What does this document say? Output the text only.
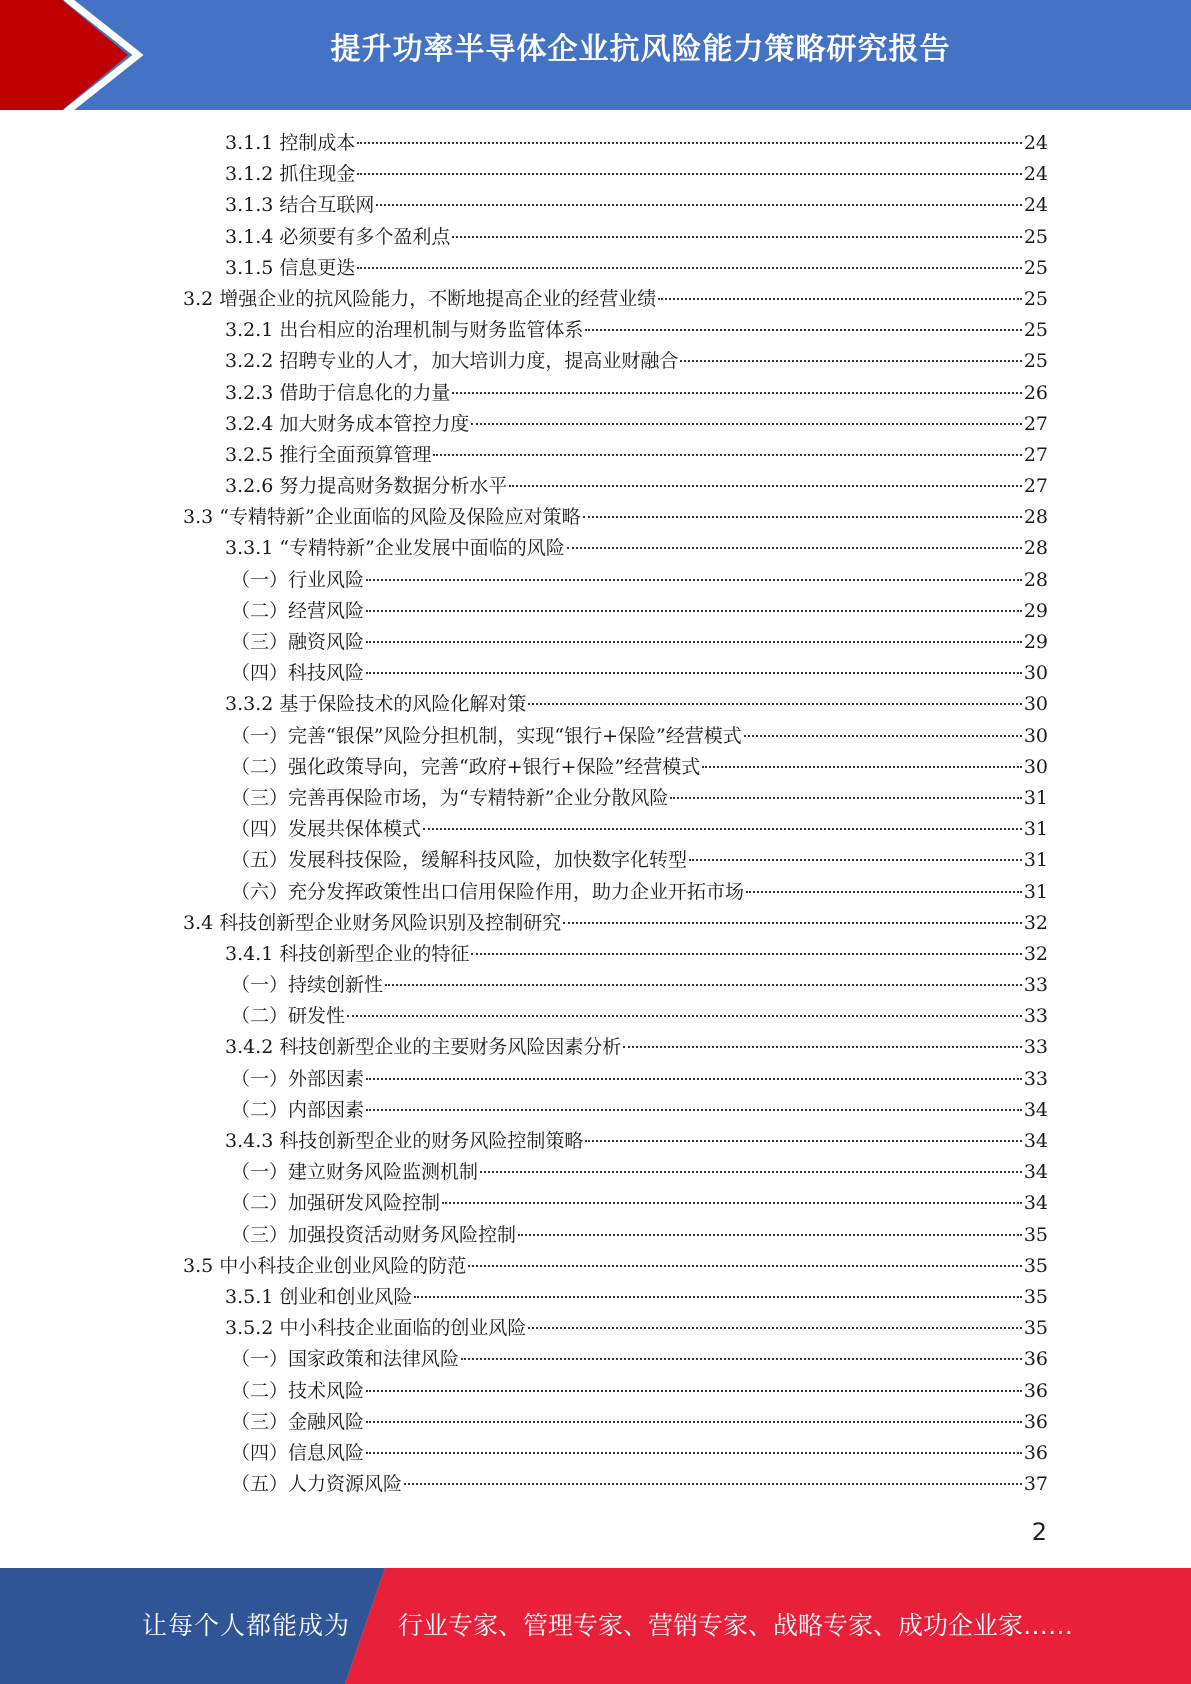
提升功率半导体企业抗风险能力策略研究报告
3.1.1 控制成本	24
3.1.2 抓住现金	24
3.1.3 结合互联网	24
3.1.4 必须要有多个盈利点	25
3.1.5 信息更迭	25
3.2 增强企业的抗风险能力，不断地提高企业的经营业绩	25
3.2.1 出台相应的治理机制与财务监管体系	25
3.2.2 招聘专业的人才，加大培训力度，提高业财融合	25
3.2.3 借助于信息化的力量	26
3.2.4 加大财务成本管控力度	27
3.2.5 推行全面预算管理	27
3.2.6 努力提高财务数据分析水平	27
3.3 “专精特新”企业面临的风险及保险应对策略	28
3.3.1 “专精特新”企业发展中面临的风险	28
（一）行业风险	28
（二）经营风险	29
（三）融资风险	29
（四）科技风险	30
3.3.2 基于保险技术的风险化解对策	30
（一）完善“银保”风险分担机制，实现“银行+保险”经营模式	30
（二）强化政策导向，完善“政府+银行+保险”经营模式	30
（三）完善再保险市场，为“专精特新”企业分散风险	31
（四）发展共保体模式	31
（五）发展科技保险，缓解科技风险，加快数字化转型	31
（六）充分发挥政策性出口信用保险作用，助力企业开拓市场	31
3.4 科技创新型企业财务风险识别及控制研究	32
3.4.1 科技创新型企业的特征	32
（一）持续创新性	33
（二）研发性	33
3.4.2 科技创新型企业的主要财务风险因素分析	33
（一）外部因素	33
（二）内部因素	34
3.4.3 科技创新型企业的财务风险控制策略	34
（一）建立财务风险监测机制	34
（二）加强研发风险控制	34
（三）加强投资活动财务风险控制	35
3.5 中小科技企业创业风险的防范	35
3.5.1 创业和创业风险	35
3.5.2 中小科技企业面临的创业风险	35
（一）国家政策和法律风险	36
（二）技术风险	36
（三）金融风险	36
（四）信息风险	36
（五）人力资源风险	37
2
让每个人都能成为 行业专家、管理专家、营销专家、战略专家、成功企业家……
